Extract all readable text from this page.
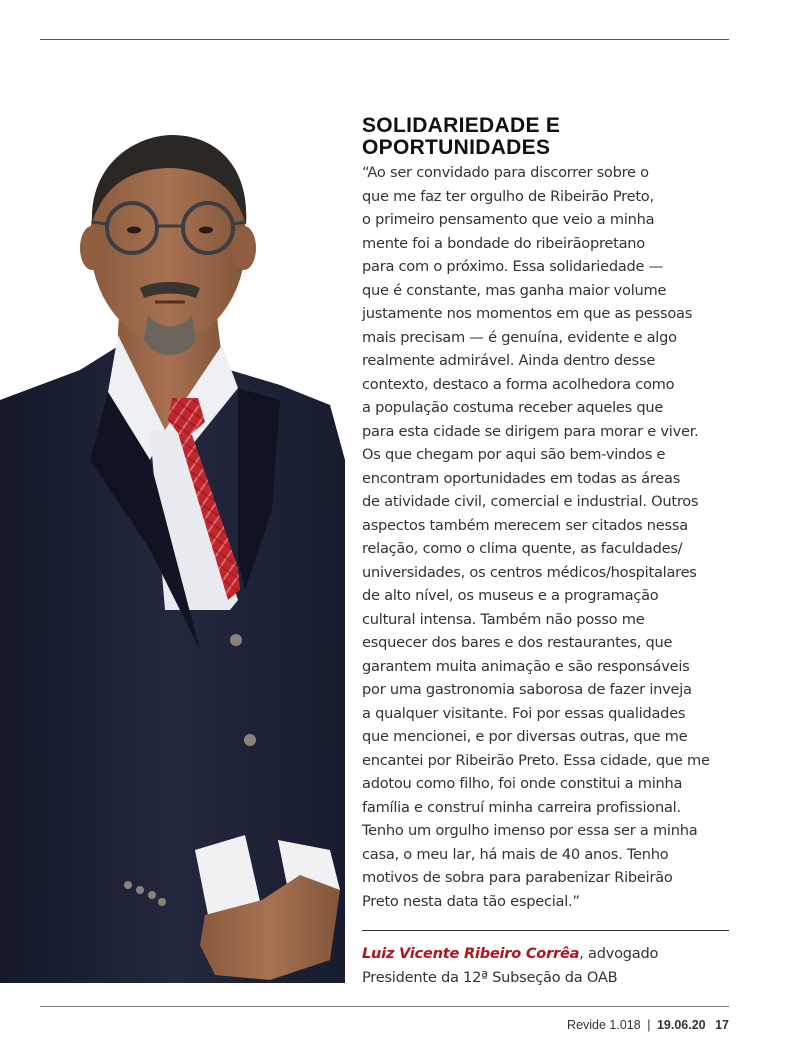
SOLIDARIEDADE E
OPORTUNIDADES

“Ao ser convidado para discorrer sobre o
que me faz ter orgulho de Ribeirão Preto,
o primeiro pensamento que veio a minha
mente foi a bondade do ribeirãopretano
para com o próximo. Essa solidariedade —
que é constante, mas ganha maior volume
justamente nos momentos em que as pessoas
mais precisam — é genuína, evidente e algo
realmente admirável. Ainda dentro desse
contexto, destaco a forma acolhedora como
a população costuma receber aqueles que
para esta cidade se dirigem para morar e viver.
Os que chegam por aqui são bem-vindos e
encontram oportunidades em todas as áreas
de atividade civil, comercial e industrial. Outros
aspectos também merecem ser citados nessa
relação, como o clima quente, as faculdades/
universidades, os centros médicos/hospitalares
de alto nível, os museus e a programação
cultural intensa. Também não posso me
esquecer dos bares e dos restaurantes, que
garantem muita animação e são responsáveis
por uma gastronomia saborosa de fazer inveja
a qualquer visitante. Foi por essas qualidades
que mencionei, e por diversas outras, que me
encantei por Ribeirão Preto. Essa cidade, que me
adotou como filho, foi onde constitui a minha
família e construí minha carreira profissional.
Tenho um orgulho imenso por essa ser a minha
casa, o meu lar, há mais de 40 anos. Tenho
motivos de sobra para parabenizar Ribeirão
Preto nesta data tão especial.”

Luiz Vicente Ribeiro Corrêa, advogado
Presidente da 12ª Subseção da OAB
Revide 1.018 | 19.06.20 17
